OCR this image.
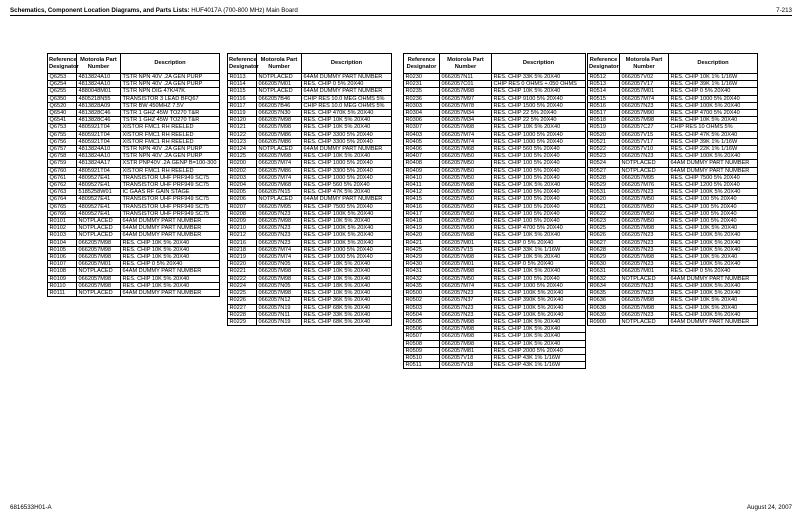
Schematics, Component Location Diagrams, and Parts Lists: HUF4017A (700-800 MHz) Main Board	7-213
Reference Designator	Motorola Part Number	Description
Q6253	4813824A10	TSTR NPN 40V .2A GEN PURP
Q6254	4813824A10	TSTR NPN 40V .2A GEN PURP
Q6255	4880048M01	TSTR NPN DIG 47K/47K
Q6350	4805218N55	TRANSISTOR 3 LEAD BFQ67
Q6520	4813828A09	TSTR BW 450MHZ 7.5V
Q6540	4813828C46	TSTR 1 GHZ 45W TO270 T&R
Q6541	4813828C46	TSTR 1 GHZ 45W TO270 T&R
Q6753	4805921T04	XISTOR FMC1 RH REELED
Q6755	4805921T04	XISTOR FMC1 RH REELED
Q6756	4805921T04	XISTOR FMC1 RH REELED
Q6757	4813824A10	TSTR NPN 40V .2A GEN PURP
Q6758	4813824A10	TSTR NPN 40V .2A GEN PURP
Q6759	4813824A17	XSTR PNP40V .2A GENP B=100-300
Q6760	4805921T04	XISTOR FMC1 RH REELED
Q6761	4809527E41	TRANSISTOR UHF PRF949 SC75
Q6762	4809527E41	TRANSISTOR UHF PRF949 SC75
Q6763	5185258W01	IC GAAS RF GAIN STAGE
Q6764	4809527E41	TRANSISTOR UHF PRF949 SC75
Q6765	4809527E41	TRANSISTOR UHF PRF949 SC75
Q6766	4809527E41	TRANSISTOR UHF PRF949 SC75
R0101	NOTPLACED	64AM DUMMY PART NUMBER
R0102	NOTPLACED	64AM DUMMY PART NUMBER
R0103	NOTPLACED	64AM DUMMY PART NUMBER
R0104	0662057M98	RES. CHIP 10K 5% 20X40
R0105	0662057M98	RES. CHIP 10K 5% 20X40
R0106	0662057M98	RES. CHIP 10K 5% 20X40
R0107	0662057M01	RES. CHIP 0 5% 20X40
R0108	NOTPLACED	64AM DUMMY PART NUMBER
R0109	0662057M98	RES. CHIP 10K 5% 20X40
R0110	0662057M98	RES. CHIP 10K 5% 20X40
R0111	NOTPLACED	64AM DUMMY PART NUMBER
Reference Designator	Motorola Part Number	Description
R0113	NOTPLACED	64AM DUMMY PART NUMBER
R0114	0662057M01	RES. CHIP 0 5% 20X40
R0115	NOTPLACED	64AM DUMMY PART NUMBER
R0116	0662057B46	CHIP RES 10.0 MEG OHMS 5%
R0117	0662057B46	CHIP RES 10.0 MEG OHMS 5%
R0119	0662057N30	RES. CHIP 470K 5% 20X40
R0120	0662057M98	RES. CHIP 10K 5% 20X40
R0121	0662057M98	RES. CHIP 10K 5% 20X40
R0122	0662057M86	RES. CHIP 3300 5% 20X40
R0123	0662057M86	RES. CHIP 3300 5% 20X40
R0124	NOTPLACED	64AM DUMMY PART NUMBER
R0125	0662057M98	RES. CHIP 10K 5% 20X40
R0200	0662057M74	RES. CHIP 1000 5% 20X40
R0202	0662057M86	RES. CHIP 3300 5% 20X40
R0203	0662057M74	RES. CHIP 1000 5% 20X40
R0204	0662057M68	RES. CHIP 560 5% 20X40
R0205	0662057N15	RES. CHIP 47K 5% 20X40
R0206	NOTPLACED	64AM DUMMY PART NUMBER
R0207	0662057M95	RES. CHIP 7500 5% 20X40
R0208	0662057N23	RES. CHIP 100K 5% 20X40
R0209	0662057M98	RES. CHIP 10K 5% 20X40
R0210	0662057N23	RES. CHIP 100K 5% 20X40
R0212	0662057N23	RES. CHIP 100K 5% 20X40
R0216	0662057N23	RES. CHIP 100K 5% 20X40
R0218	0662057M74	RES. CHIP 1000 5% 20X40
R0219	0662057M74	RES. CHIP 1000 5% 20X40
R0220	0662057N05	RES. CHIP 18K 5% 20X40
R0221	0662057M98	RES. CHIP 10K 5% 20X40
R0222	0662057M98	RES. CHIP 10K 5% 20X40
R0224	0662057N05	RES. CHIP 18K 5% 20X40
R0225	0662057M98	RES. CHIP 10K 5% 20X40
R0226	0662057N12	RES. CHIP 36K 5% 20X40
R0227	0662057N19	RES. CHIP 68K 5% 20X40
R0228	0662057N11	RES. CHIP 33K 5% 20X40
R0229	0662057N19	RES. CHIP 68K 5% 20X40
Reference Designator	Motorola Part Number	Description
R0230	0662057N11	RES. CHIP 33K 5% 20X40
R0231	0662057C01	CHIP RES 0 OHMS +.050 OHMS
R0235	0662057M98	RES. CHIP 10K 5% 20X40
R0236	0662057M97	RES. CHIP 9100 5% 20X40
R0303	0662057M78	RES. CHIP 1500 5% 20X40
R0304	0662057M34	RES. CHIP 22 5% 20X40
R0306	0662057M34	RES. CHIP 22 5% 20X40
R0307	0662057M98	RES. CHIP 10K 5% 20X40
R0403	0662057M74	RES. CHIP 1000 5% 20X40
R0405	0662057M74	RES. CHIP 1000 5% 20X40
R0406	0662057M68	RES. CHIP 560 5% 20X40
R0407	0662057M50	RES. CHIP 100 5% 20X40
R0408	0662057M50	RES. CHIP 100 5% 20X40
R0409	0662057M50	RES. CHIP 100 5% 20X40
R0410	0662057M50	RES. CHIP 100 5% 20X40
R0411	0662057M98	RES. CHIP 10K 5% 20X40
R0412	0662057M50	RES. CHIP 100 5% 20X40
R0415	0662057M50	RES. CHIP 100 5% 20X40
R0416	0662057M50	RES. CHIP 100 5% 20X40
R0417	0662057M50	RES. CHIP 100 5% 20X40
R0418	0662057M50	RES. CHIP 100 5% 20X40
R0419	0662057M90	RES. CHIP 4700 5% 20X40
R0420	0662057M98	RES. CHIP 10K 5% 20X40
R0421	0662057M01	RES. CHIP 0 5% 20X40
R0425	0662057V15	RES. CHIP 33K 1% 1/16W
R0429	0662057M98	RES. CHIP 10K 5% 20X40
R0430	0662057M01	RES. CHIP 0 5% 20X40
R0431	0662057M98	RES. CHIP 10K 5% 20X40
R0432	0662057M50	RES. CHIP 100 5% 20X40
R0435	0662057M74	RES. CHIP 1000 5% 20X40
R0500	0662057N23	RES. CHIP 100K 5% 20X40
R0502	0662057N37	RES. CHIP 390K 5% 20X40
R0503	0662057N23	RES. CHIP 100K 5% 20X40
R0504	0662057N23	RES. CHIP 100K 5% 20X40
R0505	0662057M98	RES. CHIP 10K 5% 20X40
R0506	0662057M98	RES. CHIP 10K 5% 20X40
R0507	0662057M98	RES. CHIP 10K 5% 20X40
R0508	0662057M98	RES. CHIP 10K 5% 20X40
R0509	0662057M81	RES. CHIP 2000 5% 20X40
R0510	0662057V18	RES. CHIP 43K 1% 1/16W
R0511	0662057V18	RES. CHIP 43K 1% 1/16W
Reference Designator	Motorola Part Number	Description
R0512	0662057V02	RES. CHIP 10K 1% 1/16W
R0513	0662057V17	RES. CHIP 39K 1% 1/16W
R0514	0662057M01	RES. CHIP 0 5% 20X40
R0515	0662057M74	RES. CHIP 1000 5% 20X40
R0516	0662057N23	RES. CHIP 100K 5% 20X40
R0517	0662057M90	RES. CHIP 4700 5% 20X40
R0518	0662057M98	RES. CHIP 10K 5% 20X40
R0519	0662057C27	CHIP RES 10 OHMS 5%
R0520	0662057V15	RES. CHIP 47K 5% 20X40
R0521	0662057V17	RES. CHIP 39K 1% 1/16W
R0522	0662057V10	RES. CHIP 22K 1% 1/16W
R0523	0662057N23	RES. CHIP 100K 5% 20X40
R0524	NOTPLACED	64AM DUMMY PART NUMBER
R0527	NOTPLACED	64AM DUMMY PART NUMBER
R0528	0662057M95	RES. CHIP 7500 5% 20X40
R0529	0662057M76	RES. CHIP 1200 5% 20X40
R0531	0662057N23	RES. CHIP 100K 5% 20X40
R0620	0662057M50	RES. CHIP 100 5% 20X40
R0621	0662057M50	RES. CHIP 100 5% 20X40
R0622	0662057M50	RES. CHIP 100 5% 20X40
R0623	0662057M50	RES. CHIP 100 5% 20X40
R0625	0662057M98	RES. CHIP 10K 5% 20X40
R0626	0662057N23	RES. CHIP 100K 5% 20X40
R0627	0662057N23	RES. CHIP 100K 5% 20X40
R0628	0662057N23	RES. CHIP 100K 5% 20X40
R0629	0662057M98	RES. CHIP 10K 5% 20X40
R0630	0662057N23	RES. CHIP 100K 5% 20X40
R0631	0662057M01	RES. CHIP 0 5% 20X40
R0632	NOTPLACED	64AM DUMMY PART NUMBER
R0634	0662057N23	RES. CHIP 100K 5% 20X40
R0635	0662057N23	RES. CHIP 100K 5% 20X40
R0636	0662057M98	RES. CHIP 10K 5% 20X40
R0638	0662057M98	RES. CHIP 10K 5% 20X40
R0639	0662057N23	RES. CHIP 100K 5% 20X40
R0900	NOTPLACED	64AM DUMMY PART NUMBER
6816533H01-A	August 24, 2007
